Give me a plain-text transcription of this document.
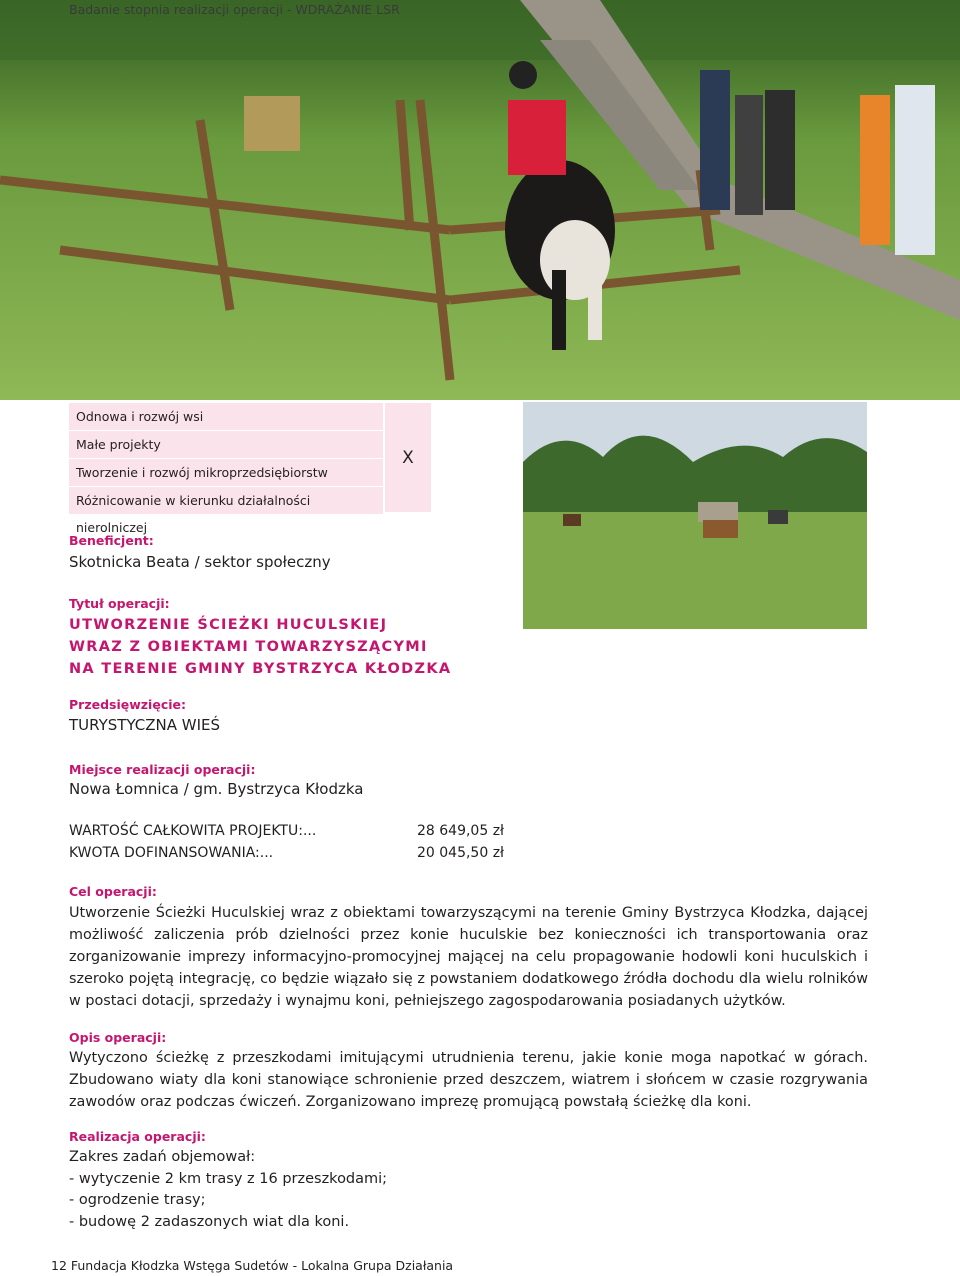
Badanie stopnia realizacji operacji - WDRAŻANIE LSR
Odnowa i rozwój wsi
Małe projekty
Tworzenie i rozwój mikroprzedsiębiorstw
Różnicowanie w kierunku działalności nierolniczej
X
Beneficjent:
Skotnicka Beata / sektor społeczny
Tytuł operacji:
UTWORZENIE ŚCIEŻKI HUCULSKIEJ
WRAZ Z OBIEKTAMI TOWARZYSZĄCYMI
NA TERENIE GMINY BYSTRZYCA KŁODZKA
Przedsięwzięcie:
TURYSTYCZNA WIEŚ
Miejsce realizacji operacji:
Nowa Łomnica / gm. Bystrzyca Kłodzka
WARTOŚĆ CAŁKOWITA PROJEKTU:...	28 649,05 zł
KWOTA DOFINANSOWANIA:...	20 045,50 zł
Cel operacji:
Utworzenie Ścieżki Huculskiej wraz z obiektami towarzyszącymi na terenie Gminy Bystrzyca Kłodzka, dającej możliwość zaliczenia prób dzielności przez konie huculskie bez konieczności ich transportowania oraz zorganizowanie imprezy informacyjno-promocyjnej mającej na celu propagowanie hodowli koni huculskich i szeroko pojętą integrację, co będzie wiązało się z powstaniem dodatkowego źródła dochodu dla wielu rolników w postaci dotacji, sprzedaży i wynajmu koni, pełniejszego zagospodarowania posiadanych użytków.
Opis operacji:
Wytyczono ścieżkę z przeszkodami imitującymi utrudnienia terenu, jakie konie moga napotkać w górach. Zbudowano wiaty dla koni stanowiące schronienie przed deszczem, wiatrem i słońcem w czasie rozgrywania zawodów oraz podczas ćwiczeń. Zorganizowano imprezę promującą powstałą ścieżkę dla koni.
Realizacja operacji:
Zakres zadań objemował:
- wytyczenie 2 km trasy z 16 przeszkodami;
- ogrodzenie trasy;
- budowę 2 zadaszonych wiat dla koni.
12 Fundacja Kłodzka Wstęga Sudetów - Lokalna Grupa Działania
